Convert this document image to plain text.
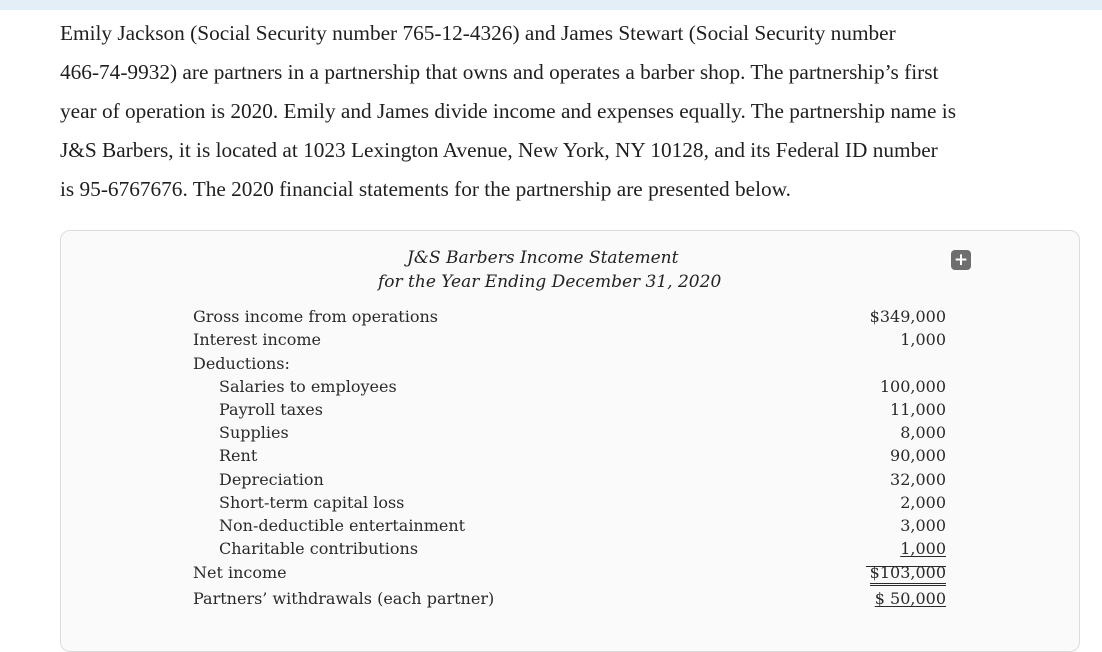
Emily Jackson (Social Security number 765-12-4326) and James Stewart (Social Security number
466-74-9932) are partners in a partnership that owns and operates a barber shop. The partnership’s first
year of operation is 2020. Emily and James divide income and expenses equally. The partnership name is
J&S Barbers, it is located at 1023 Lexington Avenue, New York, NY 10128, and its Federal ID number
is 95-6767676. The 2020 financial statements for the partnership are presented below.
+
J&S Barbers Income Statement
for the Year Ending December 31, 2020
Gross income from operations
Interest income
Deductions:
Salaries to employees
Payroll taxes
Supplies
Rent
Depreciation
Short-term capital loss
Non-deductible entertainment
Charitable contributions
Net income
Partners’ withdrawals (each partner)
$349,000
1,000
100,000
11,000
8,000
90,000
32,000
2,000
3,000
1,000
$103,000
$ 50,000
